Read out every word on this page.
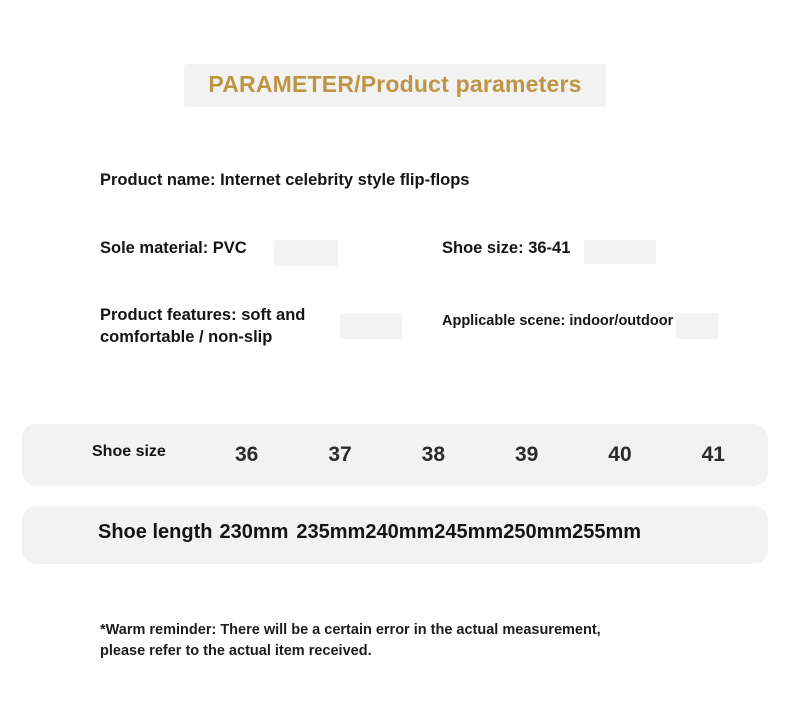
PARAMETER/Product parameters
Product name: Internet celebrity style flip-flops
Sole material: PVC	Shoe size: 36-41
Product features: soft and
comfortable / non-slip
Applicable scene: indoor/outdoor
Shoe size	36	37	38	39	40	41
Shoe length 230mm 235mm 240mm 245mm 250mm 255mm
*Warm reminder: There will be a certain error in the actual measurement,
please refer to the actual item received.
